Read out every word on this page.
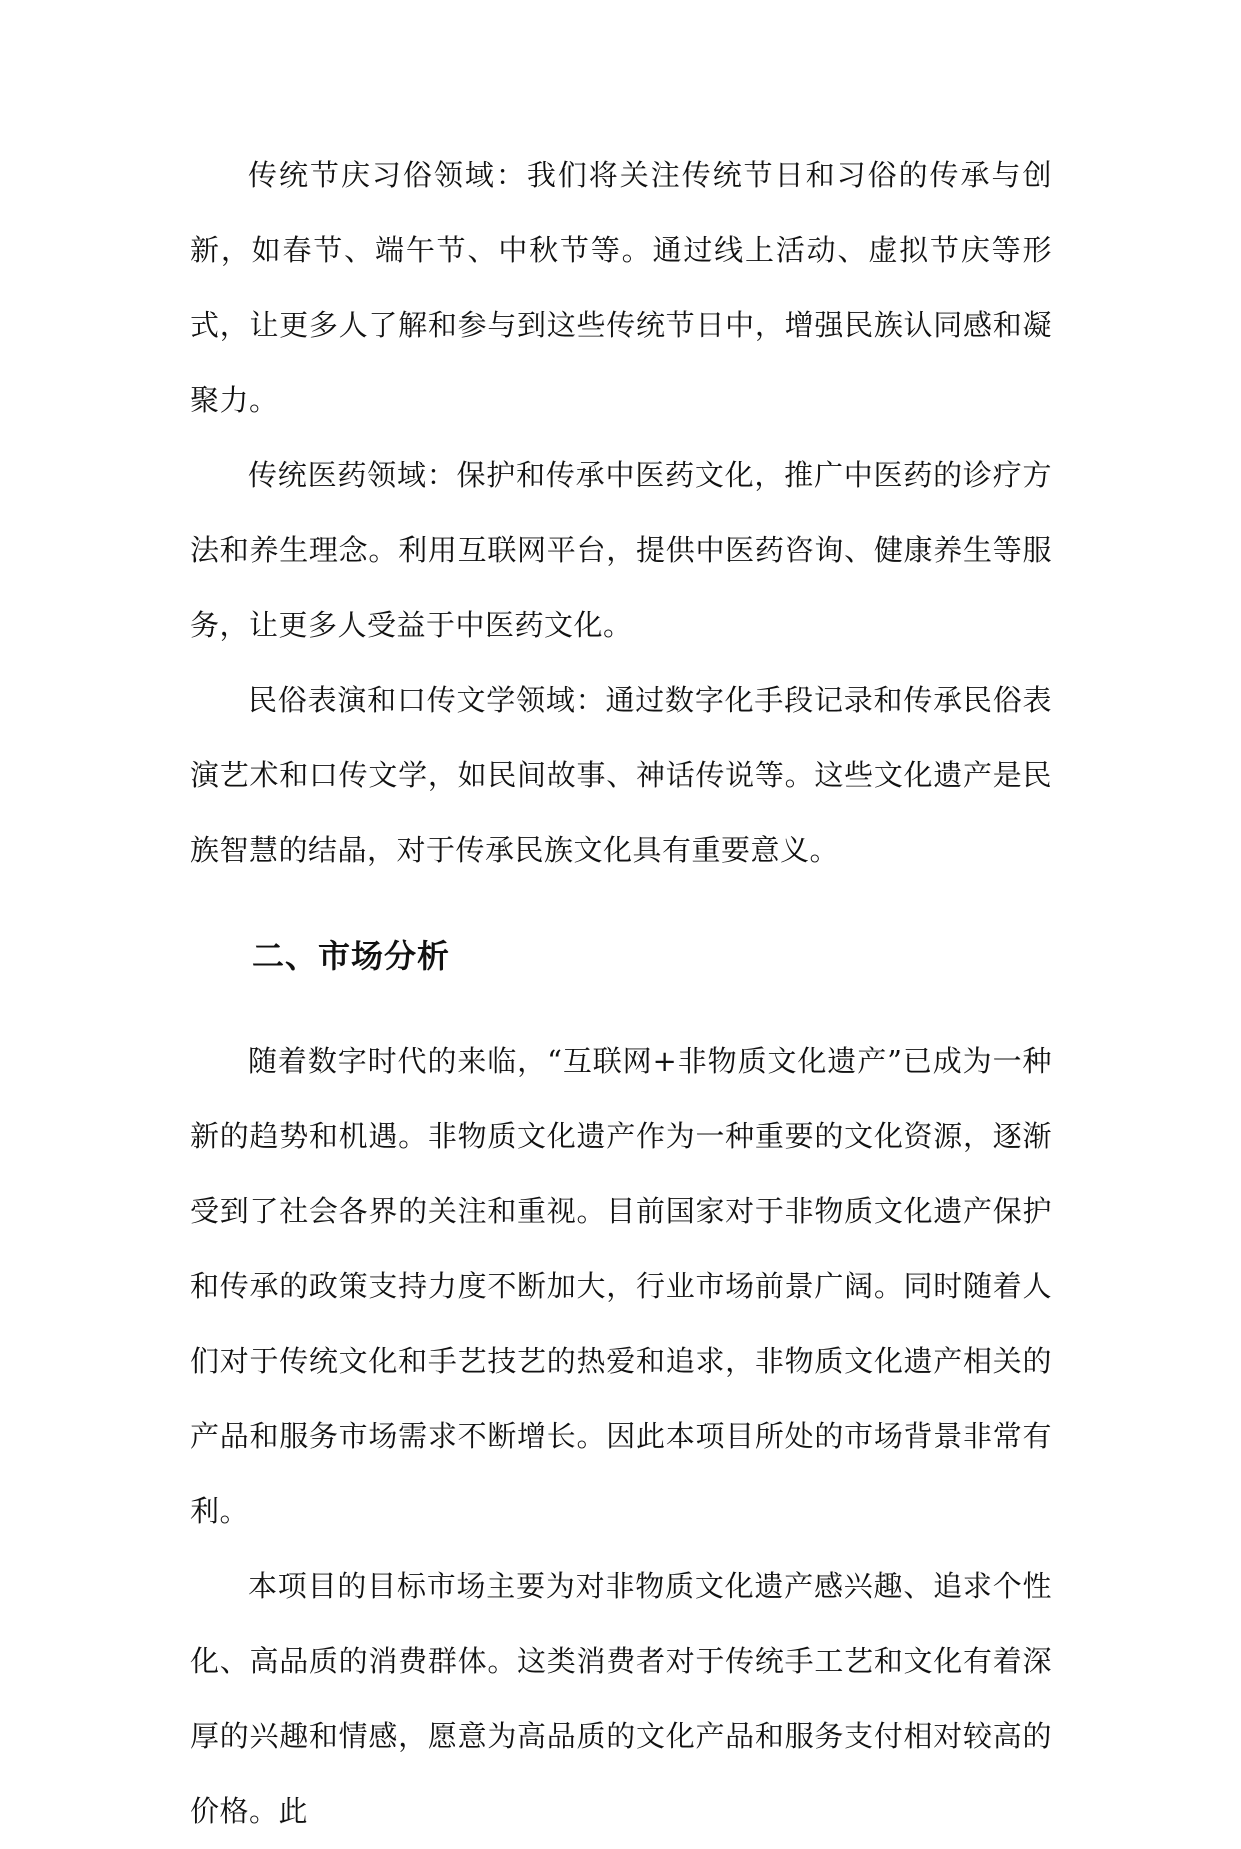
传统节庆习俗领域：我们将关注传统节日和习俗的传承与创新，如春节、端午节、中秋节等。通过线上活动、虚拟节庆等形式，让更多人了解和参与到这些传统节日中，增强民族认同感和凝聚力。

传统医药领域：保护和传承中医药文化，推广中医药的诊疗方法和养生理念。利用互联网平台，提供中医药咨询、健康养生等服务，让更多人受益于中医药文化。

民俗表演和口传文学领域：通过数字化手段记录和传承民俗表演艺术和口传文学，如民间故事、神话传说等。这些文化遗产是民族智慧的结晶，对于传承民族文化具有重要意义。

二、市场分析

随着数字时代的来临，“互联网+非物质文化遗产”已成为一种新的趋势和机遇。非物质文化遗产作为一种重要的文化资源，逐渐受到了社会各界的关注和重视。目前国家对于非物质文化遗产保护和传承的政策支持力度不断加大，行业市场前景广阔。同时随着人们对于传统文化和手艺技艺的热爱和追求，非物质文化遗产相关的产品和服务市场需求不断增长。因此本项目所处的市场背景非常有利。

本项目的目标市场主要为对非物质文化遗产感兴趣、追求个性化、高品质的消费群体。这类消费者对于传统手工艺和文化有着深厚的兴趣和情感，愿意为高品质的文化产品和服务支付相对较高的价格。此
